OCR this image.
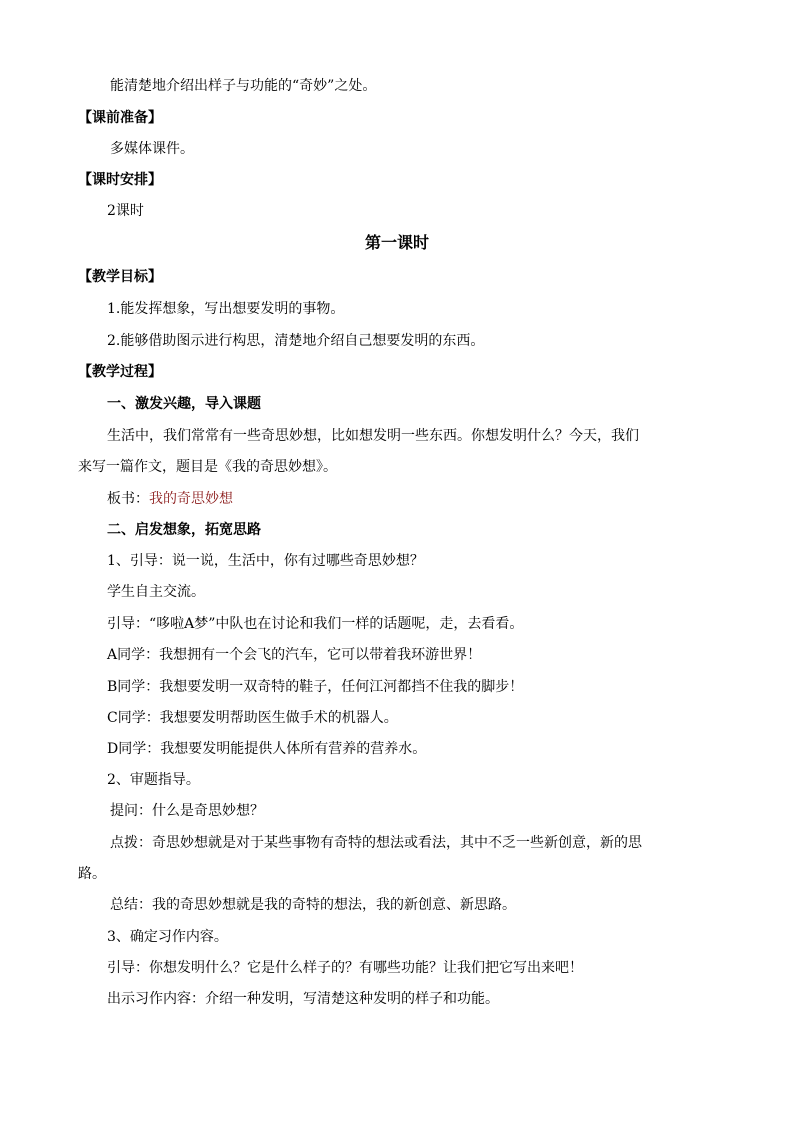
能清楚地介绍出样子与功能的“奇妙”之处。
【课前准备】
多媒体课件。
【课时安排】
2课时
第一课时
【教学目标】
1.能发挥想象，写出想要发明的事物。
2.能够借助图示进行构思，清楚地介绍自己想要发明的东西。
【教学过程】
一、激发兴趣，导入课题
生活中，我们常常有一些奇思妙想，比如想发明一些东西。你想发明什么？今天，我们
来写一篇作文，题目是《我的奇思妙想》。
板书：我的奇思妙想
二、启发想象，拓宽思路
1、引导：说一说，生活中，你有过哪些奇思妙想？
学生自主交流。
引导：“哆啦A梦”中队也在讨论和我们一样的话题呢，走，去看看。
A同学：我想拥有一个会飞的汽车，它可以带着我环游世界！
B同学：我想要发明一双奇特的鞋子，任何江河都挡不住我的脚步！
C同学：我想要发明帮助医生做手术的机器人。
D同学：我想要发明能提供人体所有营养的营养水。
2、审题指导。
提问：什么是奇思妙想？
点拨：奇思妙想就是对于某些事物有奇特的想法或看法，其中不乏一些新创意，新的思
路。
总结：我的奇思妙想就是我的奇特的想法，我的新创意、新思路。
3、确定习作内容。
引导：你想发明什么？它是什么样子的？有哪些功能？让我们把它写出来吧！
出示习作内容：介绍一种发明，写清楚这种发明的样子和功能。
